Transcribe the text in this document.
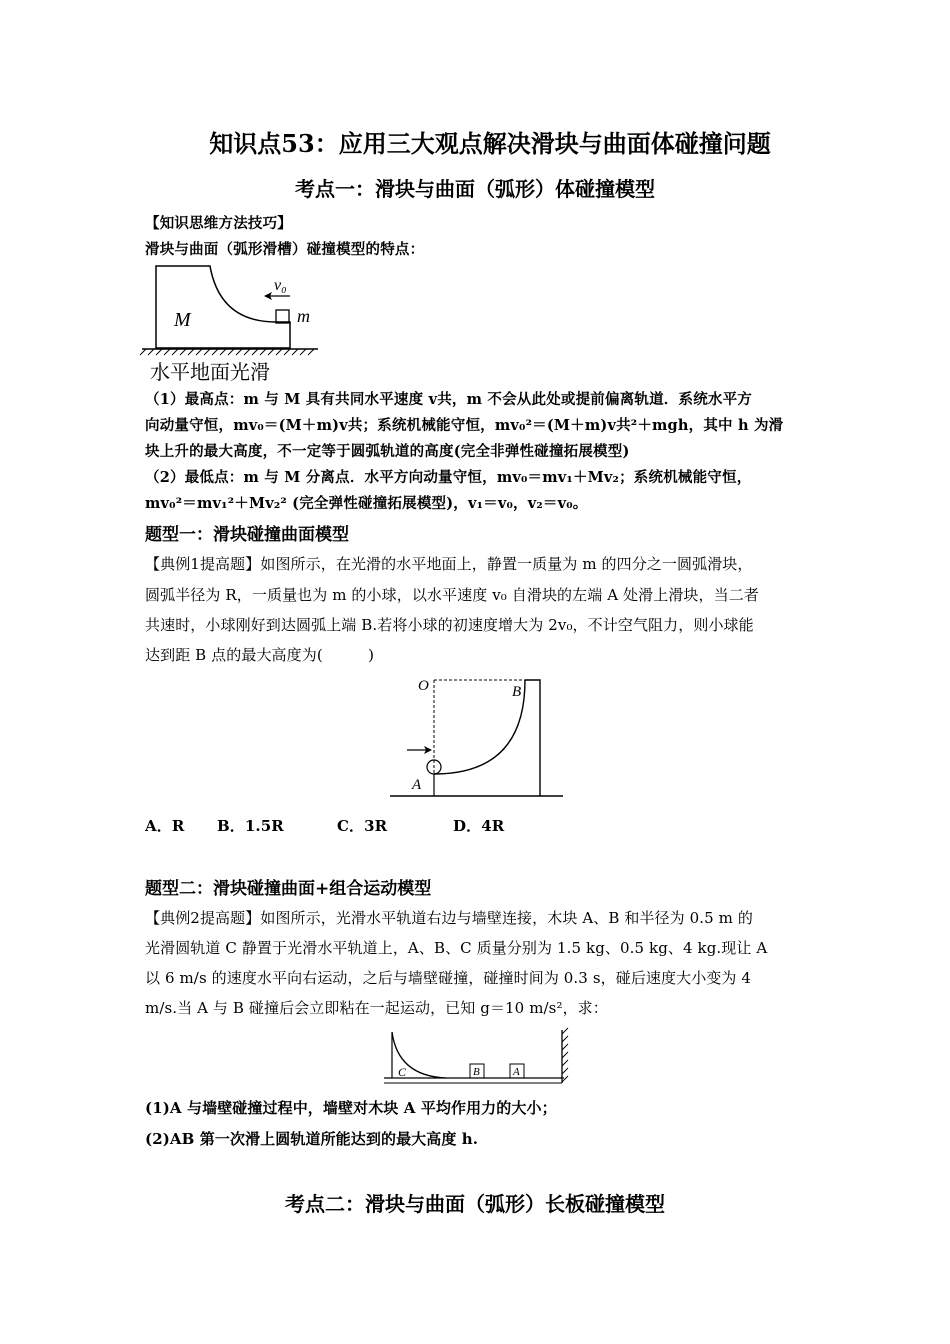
知识点53：应用三大观点解决滑块与曲面体碰撞问题
考点一：滑块与曲面（弧形）体碰撞模型
【知识思维方法技巧】
滑块与曲面（弧形滑槽）碰撞模型的特点：
v₀
M	m
水平地面光滑
（1）最高点：m 与 M 具有共同水平速度 v共，m 不会从此处或提前偏离轨道．系统水平方
向动量守恒，mv₀＝(M＋m)v共；系统机械能守恒，mv₀²＝(M＋m)v共²＋mgh，其中 h 为滑
块上升的最大高度，不一定等于圆弧轨道的高度(完全非弹性碰撞拓展模型)
（2）最低点：m 与 M 分离点．水平方向动量守恒，mv₀＝mv₁＋Mv₂；系统机械能守恒，
mv₀²＝mv₁²＋Mv₂² (完全弹性碰撞拓展模型)，v₁＝v₀，v₂＝v₀。
题型一：滑块碰撞曲面模型
【典例1提高题】如图所示，在光滑的水平地面上，静置一质量为 m 的四分之一圆弧滑块，
圆弧半径为 R，一质量也为 m 的小球，以水平速度 v₀ 自滑块的左端 A 处滑上滑块，当二者
共速时，小球刚好到达圆弧上端 B.若将小球的初速度增大为 2v₀，不计空气阻力，则小球能
达到距 B 点的最大高度为(　　　)
O	B
A
A．R B．1.5R	C．3R	D．4R
题型二：滑块碰撞曲面+组合运动模型
【典例2提高题】如图所示，光滑水平轨道右边与墙壁连接，木块 A、B 和半径为 0.5 m 的
光滑圆轨道 C 静置于光滑水平轨道上，A、B、C 质量分别为 1.5 kg、0.5 kg、4 kg.现让 A
以 6 m/s 的速度水平向右运动，之后与墙壁碰撞，碰撞时间为 0.3 s，碰后速度大小变为 4
m/s.当 A 与 B 碰撞后会立即粘在一起运动，已知 g＝10 m/s²，求：
C	B	A
(1)A 与墙壁碰撞过程中，墙壁对木块 A 平均作用力的大小；
(2)AB 第一次滑上圆轨道所能达到的最大高度 h.
考点二：滑块与曲面（弧形）长板碰撞模型
